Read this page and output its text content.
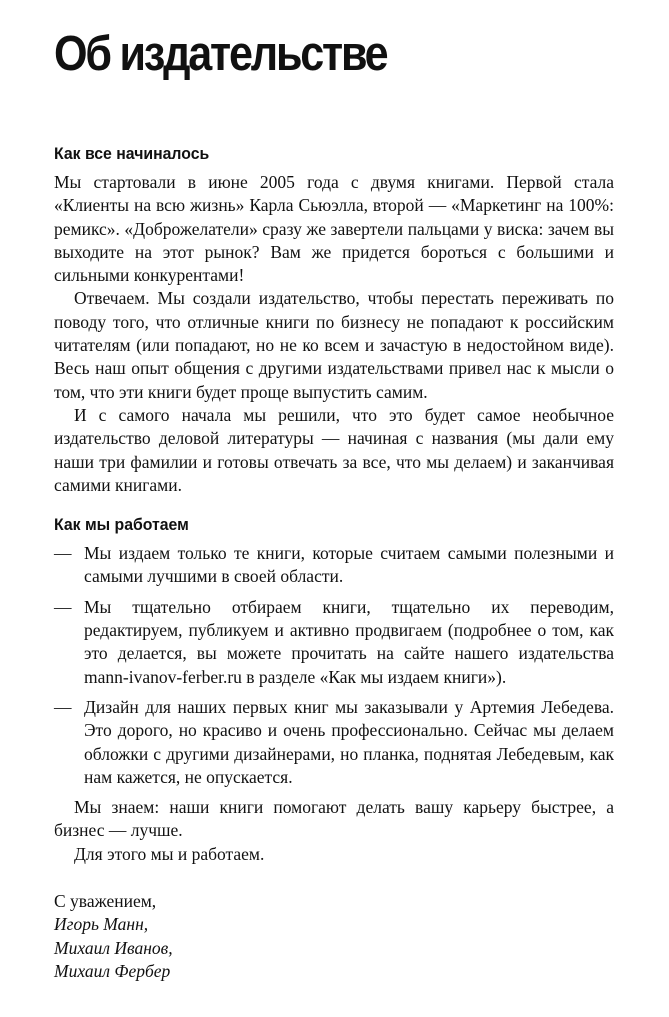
Об издательстве
Как все начиналось

Мы стартовали в июне 2005 года с двумя книгами. Первой стала «Клиенты на всю жизнь» Карла Сьюэлла, второй — «Маркетинг на 100%: ремикс». «Доброжелатели» сразу же завертели пальцами у виска: зачем вы выходите на этот рынок? Вам же придется бороться с большими и сильными конкурентами!

Отвечаем. Мы создали издательство, чтобы перестать переживать по поводу того, что отличные книги по бизнесу не попадают к российским читателям (или попадают, но не ко всем и зачастую в недостойном виде). Весь наш опыт общения с другими издательствами привел нас к мысли о том, что эти книги будет проще выпустить самим.

И с самого начала мы решили, что это будет самое необычное издательство деловой литературы — начиная с названия (мы дали ему наши три фамилии и готовы отвечать за все, что мы делаем) и заканчивая самими книгами.

Как мы работаем
— Мы издаем только те книги, которые считаем самыми полезными и самыми лучшими в своей области.
— Мы тщательно отбираем книги, тщательно их переводим, редактируем, публикуем и активно продвигаем (подробнее о том, как это делается, вы можете прочитать на сайте нашего издательства mann-ivanov-ferber.ru в разделе «Как мы издаем книги»).
— Дизайн для наших первых книг мы заказывали у Артемия Лебедева. Это дорого, но красиво и очень профессионально. Сейчас мы делаем обложки с другими дизайнерами, но планка, поднятая Лебедевым, как нам кажется, не опускается.

Мы знаем: наши книги помогают делать вашу карьеру быстрее, а бизнес — лучше.

Для этого мы и работаем.

С уважением,

Игорь Манн,

Михаил Иванов,

Михаил Фербер
